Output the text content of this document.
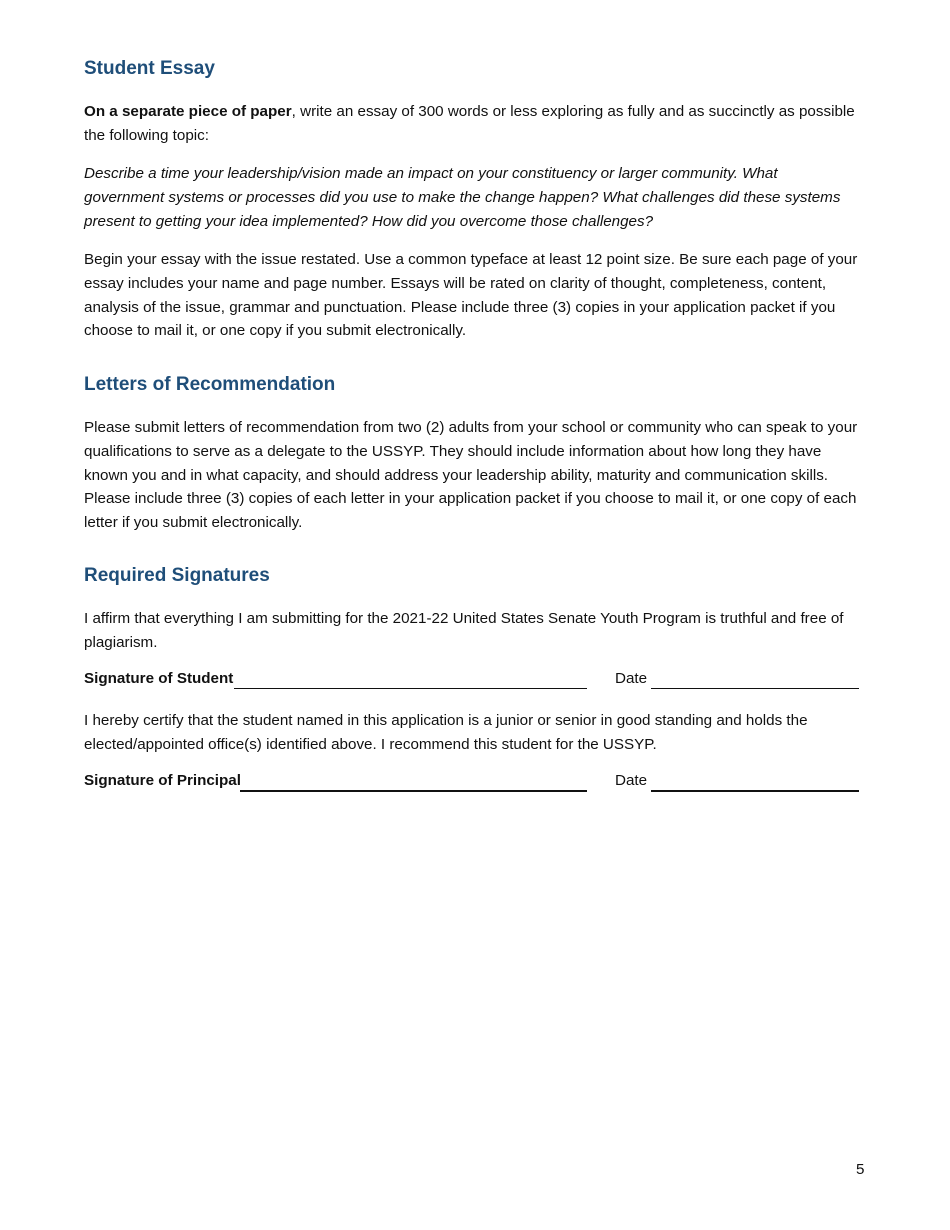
Student Essay

On a separate piece of paper, write an essay of 300 words or less exploring as fully and as succinctly as possible the following topic:

Describe a time your leadership/vision made an impact on your constituency or larger community. What government systems or processes did you use to make the change happen? What challenges did these systems present to getting your idea implemented? How did you overcome those challenges?

Begin your essay with the issue restated. Use a common typeface at least 12 point size. Be sure each page of your essay includes your name and page number. Essays will be rated on clarity of thought, completeness, content, analysis of the issue, grammar and punctuation. Please include three (3) copies in your application packet if you choose to mail it, or one copy if you submit electronically.

Letters of Recommendation

Please submit letters of recommendation from two (2) adults from your school or community who can speak to your qualifications to serve as a delegate to the USSYP. They should include information about how long they have known you and in what capacity, and should address your leadership ability, maturity and communication skills. Please include three (3) copies of each letter in your application packet if you choose to mail it, or one copy of each letter if you submit electronically.

Required Signatures

I affirm that everything I am submitting for the 2021-22 United States Senate Youth Program is truthful and free of plagiarism.

Signature of Student	Date

I hereby certify that the student named in this application is a junior or senior in good standing and holds the elected/appointed office(s) identified above. I recommend this student for the USSYP.

Signature of Principal	Date
5
